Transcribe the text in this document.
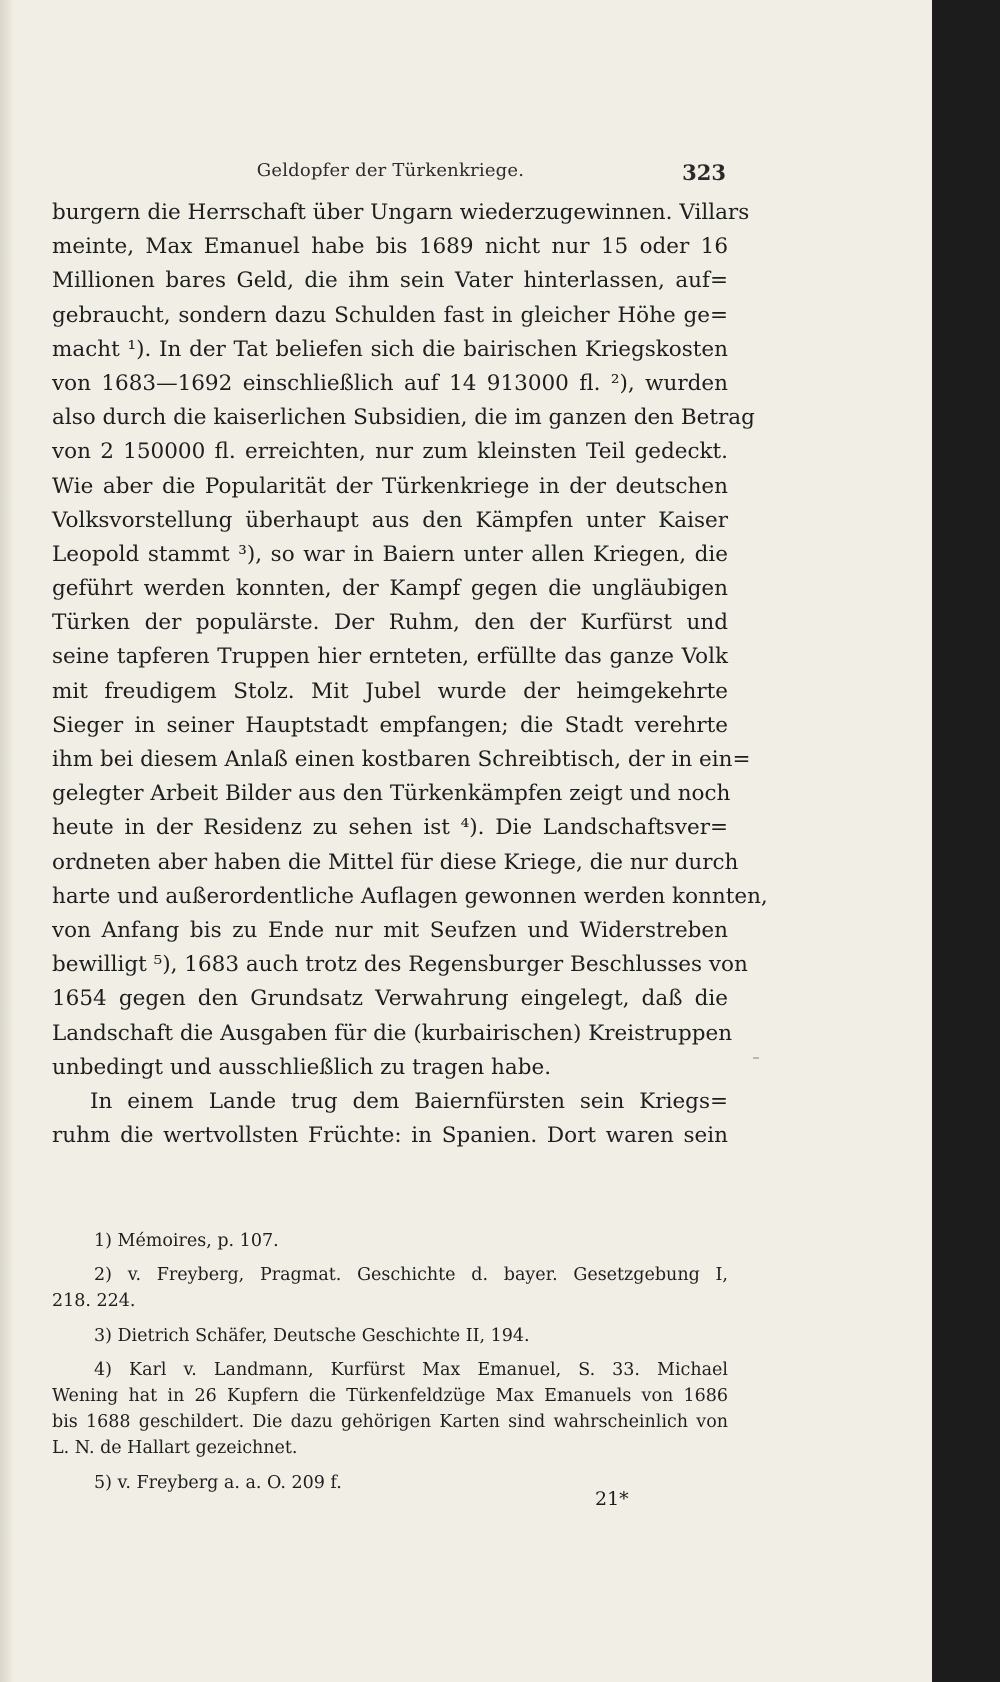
Geldopfer der Türkenkriege.	323
burgern die Herrschaft über Ungarn wiederzugewinnen. Villars
meinte, Max Emanuel habe bis 1689 nicht nur 15 oder 16
Millionen bares Geld, die ihm sein Vater hinterlassen, auf=
gebraucht, sondern dazu Schulden fast in gleicher Höhe ge=
macht ¹). In der Tat beliefen sich die bairischen Kriegskosten
von 1683—1692 einschließlich auf 14 913000 fl. ²), wurden
also durch die kaiserlichen Subsidien, die im ganzen den Betrag
von 2 150000 fl. erreichten, nur zum kleinsten Teil gedeckt.
Wie aber die Popularität der Türkenkriege in der deutschen
Volksvorstellung überhaupt aus den Kämpfen unter Kaiser
Leopold stammt ³), so war in Baiern unter allen Kriegen, die
geführt werden konnten, der Kampf gegen die ungläubigen
Türken der populärste. Der Ruhm, den der Kurfürst und
seine tapferen Truppen hier ernteten, erfüllte das ganze Volk
mit freudigem Stolz. Mit Jubel wurde der heimgekehrte
Sieger in seiner Hauptstadt empfangen; die Stadt verehrte
ihm bei diesem Anlaß einen kostbaren Schreibtisch, der in ein=
gelegter Arbeit Bilder aus den Türkenkämpfen zeigt und noch
heute in der Residenz zu sehen ist ⁴). Die Landschaftsver=
ordneten aber haben die Mittel für diese Kriege, die nur durch
harte und außerordentliche Auflagen gewonnen werden konnten,
von Anfang bis zu Ende nur mit Seufzen und Widerstreben
bewilligt ⁵), 1683 auch trotz des Regensburger Beschlusses von
1654 gegen den Grundsatz Verwahrung eingelegt, daß die
Landschaft die Ausgaben für die (kurbairischen) Kreistruppen
unbedingt und ausschließlich zu tragen habe.
In einem Lande trug dem Baiernfürsten sein Kriegs=
ruhm die wertvollsten Früchte: in Spanien. Dort waren sein
1) Mémoires, p. 107.
2) v. Freyberg, Pragmat. Geschichte d. bayer. Gesetzgebung I,
218. 224.
3) Dietrich Schäfer, Deutsche Geschichte II, 194.
4) Karl v. Landmann, Kurfürst Max Emanuel, S. 33. Michael
Wening hat in 26 Kupfern die Türkenfeldzüge Max Emanuels von 1686
bis 1688 geschildert. Die dazu gehörigen Karten sind wahrscheinlich von
L. N. de Hallart gezeichnet.
5) v. Freyberg a. a. O. 209 f.
21*
